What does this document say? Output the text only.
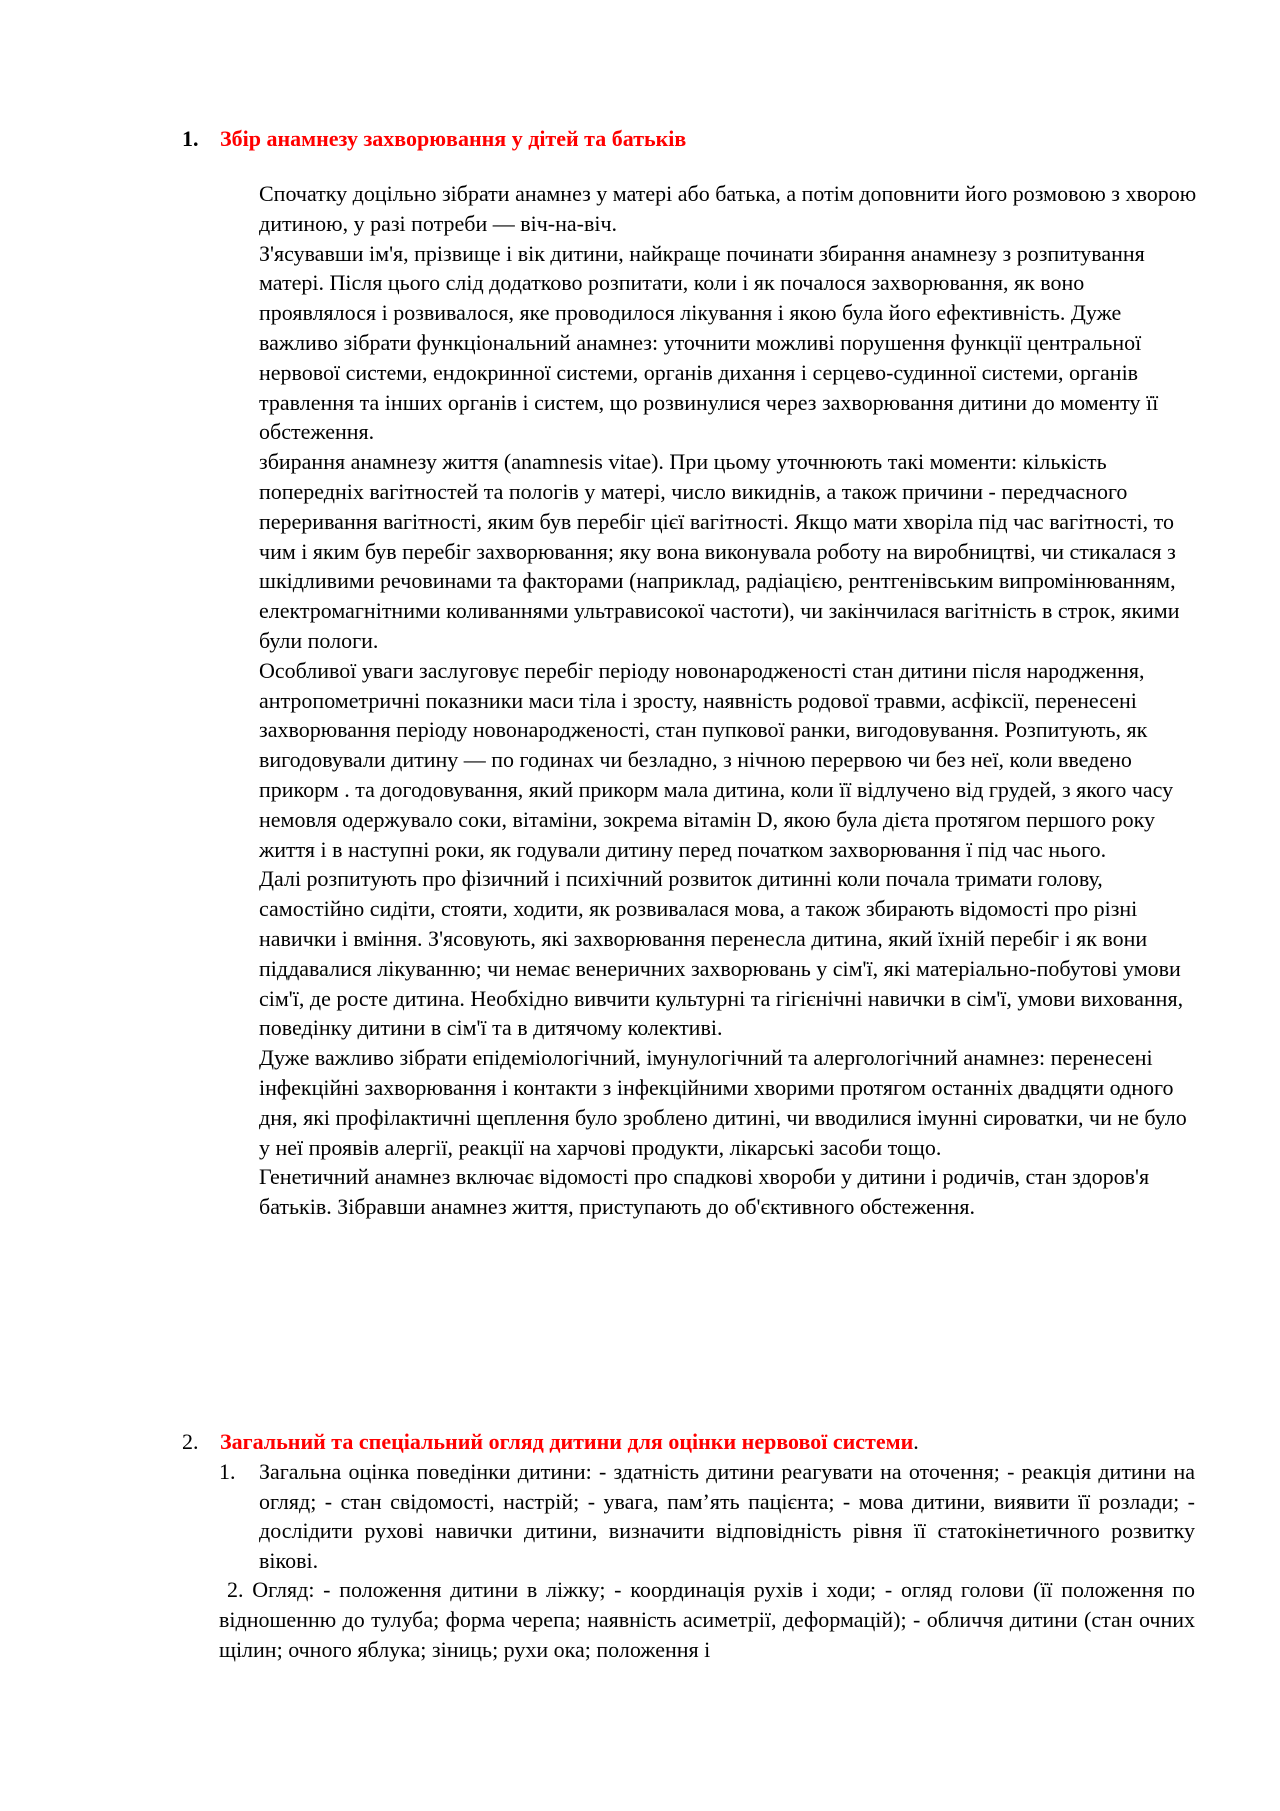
1. Збір анамнезу захворювання у дітей та батьків

Спочатку доцільно зібрати анамнез у матері або батька, а потім доповнити його розмовою з хворою дитиною, у разі потреби — віч-на-віч.

З'ясувавши ім'я, прізвище і вік дитини, найкраще починати збирання анамнезу з розпитування матері. Після цього слід додатково розпитати, коли і як почалося захворювання, як воно проявлялося і розвивалося, яке проводилося лікування і якою була його ефективність. Дуже важливо зібрати функціональний анамнез: уточнити можливі порушення функції центральної нервової системи, ендокринної системи, органів дихання і серцево-судинної системи, органів травлення та інших органів і систем, що розвинулися через захворювання дитини до моменту її обстеження.

збирання анамнезу життя (anamnesis vitae). При цьому уточнюють такі моменти: кількість попередніх вагітностей та пологів у матері, число викиднів, а також причини - передчасного переривання вагітності, яким був перебіг цієї вагітності. Якщо мати хворіла під час вагітності, то чим і яким був перебіг захворювання; яку вона виконувала роботу на виробництві, чи стикалася з шкідливими речовинами та факторами (наприклад, радіацією, рентгенівським випромінюванням, електромагнітними коливаннями ультрависокої частоти), чи закінчилася вагітність в строк, якими були пологи.

Особливої уваги заслуговує перебіг періоду новонародженості стан дитини після народження, антропометричні показники маси тіла і зросту, наявність родової травми, асфіксії, перенесені захворювання періоду новонародженості, стан пупкової ранки, вигодовування. Розпитують, як вигодовували дитину — по годинах чи безладно, з нічною перервою чи без неї, коли введено прикорм . та догодовування, який прикорм мала дитина, коли її відлучено від грудей, з якого часу немовля одержувало соки, вітаміни, зокрема вітамін D, якою була дієта протягом першого року життя і в наступні роки, як годували дитину перед початком захворювання ї під час нього.

Далі розпитують про фізичний і психічний розвиток дитинні коли почала тримати голову, самостійно сидіти, стояти, ходити, як розвивалася мова, а також збирають відомості про різні навички і вміння. З'ясовують, які захворювання перенесла дитина, який їхній перебіг і як вони піддавалися лікуванню; чи немає венеричних захворювань у сім'ї, які матеріально-побутові умови сім'ї, де росте дитина. Необхідно вивчити культурні та гігієнічні навички в сім'ї, умови виховання, поведінку дитини в сім'ї та в дитячому колективі.

Дуже важливо зібрати епідеміологічний, імунулогічний та алергологічний анамнез: перенесені інфекційні захворювання і контакти з інфекційними хворими протягом останніх двадцяти одного дня, які профілактичні щеплення було зроблено дитині, чи вводилися імунні сироватки, чи не було у неї проявів алергії, реакції на харчові продукти, лікарські засоби тощо.

Генетичний анамнез включає відомості про спадкові хвороби у дитини і родичів, стан здоров'я батьків. Зібравши анамнез життя, приступають до об'єктивного обстеження.

2. Загальний та спеціальний огляд дитини для оцінки нервової системи.
1. Загальна оцінка поведінки дитини: - здатність дитини реагувати на оточення; - реакція дитини на огляд; - стан свідомості, настрій; - увага, пам’ять пацієнта; - мова дитини, виявити її розлади; - дослідити рухові навички дитини, визначити відповідність рівня її статокінетичного розвитку вікові.
2. Огляд: - положення дитини в ліжку; - координація рухів і ходи; - огляд голови (її положення по відношенню до тулуба; форма черепа; наявність асиметрії, деформацій); - обличчя дитини (стан очних щілин; очного яблука; зіниць; рухи ока; положення і
